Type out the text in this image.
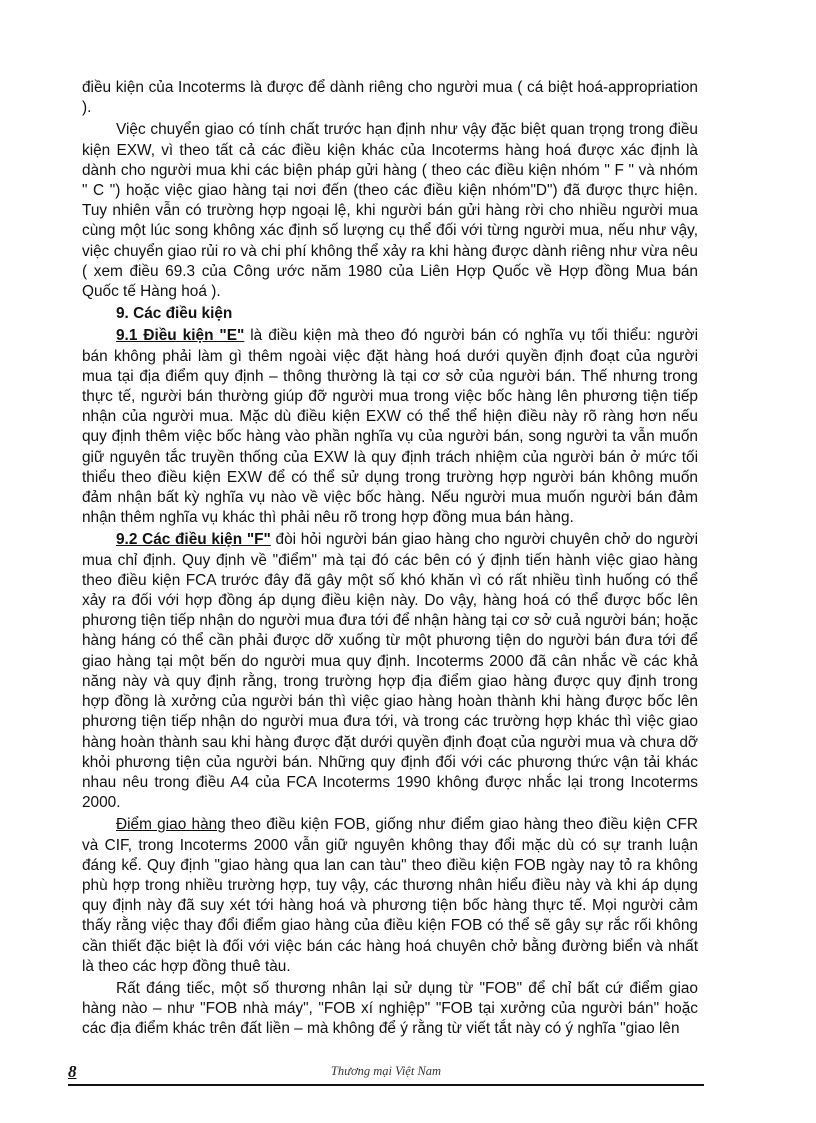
điều kiện của Incoterms là được để dành riêng cho người mua ( cá biệt hoá-appropriation ).

Việc chuyển giao có tính chất trước hạn định như vậy đặc biệt quan trọng trong điều kiện EXW, vì theo tất cả các điều kiện khác của Incoterms hàng hoá được xác định là dành cho người mua khi các biện pháp gửi hàng ( theo các điều kiện nhóm " F " và nhóm " C ") hoặc việc giao hàng tại nơi đến (theo các điều kiện nhóm"D") đã được thực hiện. Tuy nhiên vẫn có trường hợp ngoại lệ, khi người bán gửi hàng rời cho nhiều người mua cùng một lúc song không xác định số lượng cụ thể đối với từng người mua, nếu như vậy, việc chuyển giao rủi ro và chi phí không thể xảy ra khi hàng được dành riêng như vừa nêu ( xem điều 69.3 của Công ước năm 1980 của Liên Hợp Quốc về Hợp đồng Mua bán Quốc tế Hàng hoá ).

9. Các điều kiện

9.1 Điều kiện "E" là điều kiện mà theo đó người bán có nghĩa vụ tối thiểu: người bán không phải làm gì thêm ngoài việc đặt hàng hoá dưới quyền định đoạt của người mua tại địa điểm quy định – thông thường là tại cơ sở của người bán. Thế nhưng trong thực tế, người bán thường giúp đỡ người mua trong việc bốc hàng lên phương tiện tiếp nhận của người mua. Mặc dù điều kiện EXW có thể thể hiện điều này rõ ràng hơn nếu quy định thêm việc bốc hàng vào phần nghĩa vụ của người bán, song người ta vẫn muốn giữ nguyên tắc truyền thống của EXW là quy định trách nhiệm của người bán ở mức tối thiểu theo điều kiện EXW để có thể sử dụng trong trường hợp người bán không muốn đảm nhận bất kỳ nghĩa vụ nào về việc bốc hàng. Nếu người mua muốn người bán đảm nhận thêm nghĩa vụ khác thì phải nêu rõ trong hợp đồng mua bán hàng.

9.2 Các điều kiện "F" đòi hỏi người bán giao hàng cho người chuyên chở do người mua chỉ định. Quy định về "điểm" mà tại đó các bên có ý định tiến hành việc giao hàng theo điều kiện FCA trước đây đã gây một số khó khăn vì có rất nhiều tình huống có thể xảy ra đối với hợp đồng áp dụng điều kiện này. Do vậy, hàng hoá có thể được bốc lên phương tiện tiếp nhận do người mua đưa tới để nhận hàng tại cơ sở cuả người bán; hoặc hàng háng có thể cần phải được dỡ xuống từ một phương tiện do người bán đưa tới để giao hàng tại một bến do người mua quy định. Incoterms 2000 đã cân nhắc về các khả năng này và quy định rằng, trong trường hợp địa điểm giao hàng được quy định trong hợp đồng là xưởng của người bán thì việc giao hàng hoàn thành khi hàng được bốc lên phương tiện tiếp nhận do người mua đưa tới, và trong các trường hợp khác thì việc giao hàng hoàn thành sau khi hàng được đặt dưới quyền định đoạt của người mua và chưa dỡ khỏi phương tiện của người bán. Những quy định đối với các phương thức vận tải khác nhau nêu trong điều A4 của FCA Incoterms 1990 không được nhắc lại trong Incoterms 2000.

Điểm giao hàng theo điều kiện FOB, giống như điểm giao hàng theo điều kiện CFR và CIF, trong Incoterms 2000 vẫn giữ nguyên không thay đổi mặc dù có sự tranh luận đáng kể. Quy định "giao hàng qua lan can tàu" theo điều kiện FOB ngày nay tỏ ra không phù hợp trong nhiều trường hợp, tuy vậy, các thương nhân hiểu điều này và khi áp dụng quy định này đã suy xét tới hàng hoá và phương tiện bốc hàng thực tế. Mọi người cảm thấy rằng việc thay đổi điểm giao hàng của điều kiện FOB có thể sẽ gây sự rắc rối không cần thiết đặc biệt là đối với việc bán các hàng hoá chuyên chở bằng đường biển và nhất là theo các hợp đồng thuê tàu.

Rất đáng tiếc, một số thương nhân lại sử dụng từ "FOB" để chỉ bất cứ điểm giao hàng nào – như "FOB nhà máy", "FOB xí nghiệp" "FOB tại xưởng của người bán" hoặc các địa điểm khác trên đất liền – mà không để ý rằng từ viết tắt này có ý nghĩa "giao lên

8	Thương mại Việt Nam
